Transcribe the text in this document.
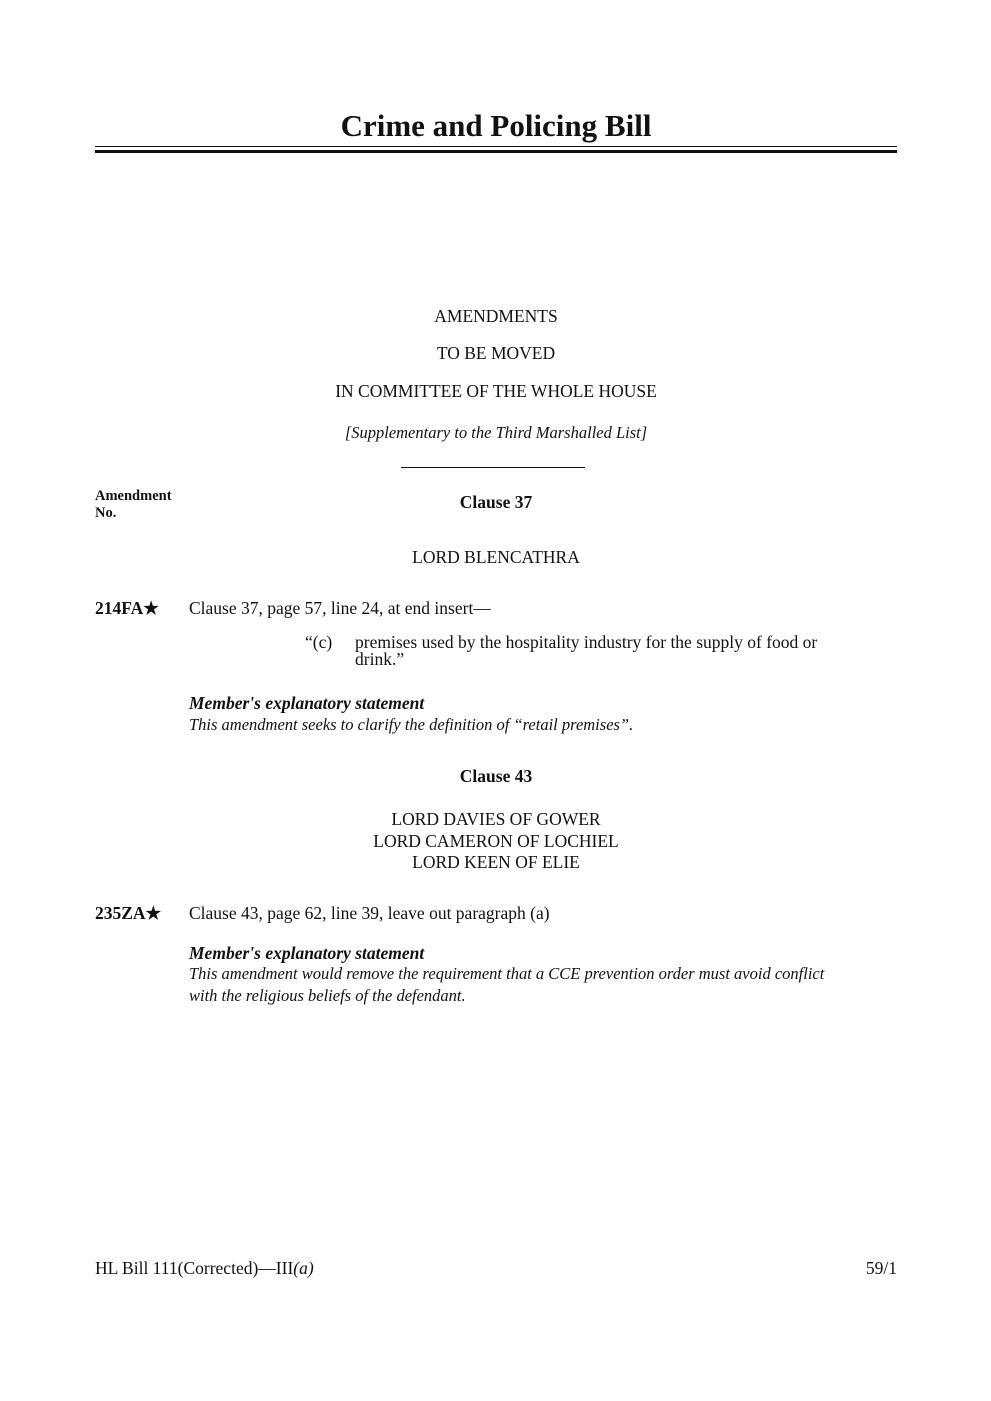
Crime and Policing Bill
AMENDMENTS
TO BE MOVED
IN COMMITTEE OF THE WHOLE HOUSE
[Supplementary to the Third Marshalled List]
Amendment
No.
Clause 37
LORD BLENCATHRA
214FA★ Clause 37, page 57, line 24, at end insert—
“(c) premises used by the hospitality industry for the supply of food or
drink.”
Member's explanatory statement
This amendment seeks to clarify the definition of “retail premises”.
Clause 43
LORD DAVIES OF GOWER
LORD CAMERON OF LOCHIEL
LORD KEEN OF ELIE
235ZA★ Clause 43, page 62, line 39, leave out paragraph (a)
Member's explanatory statement
This amendment would remove the requirement that a CCE prevention order must avoid conflict
with the religious beliefs of the defendant.
HL Bill 111(Corrected)—III(a)	59/1
